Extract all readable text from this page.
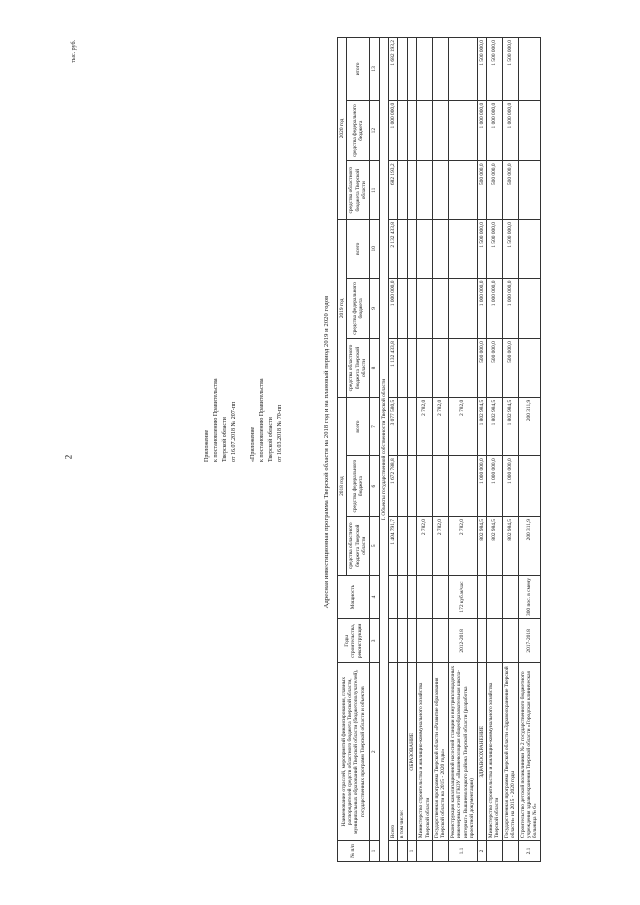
2
тыс. руб.
Приложение к постановлению Правительства Тверской области от 16.07.2018 № 207-пп	«Приложение к постановлению Правительства Тверской области от 16.03.2018 № 70-пп	Адресная инвестиционная программа Тверской области на 2018 год и на плановый период 2019 и 2020 годов
№ п/п	Наименование отраслей, мероприятий финансирования, главных распорядителей средств областного бюджета Тверской области, муниципальных образований Тверской области (бюджетополучателей), государственных программ Тверской области и объектов	Годы строительства, реконструкции	Мощность	2018 год			2019 год			2020 год		
				средства областного бюджета Тверской области	средства федерального бюджета	всего	средства областного бюджета Тверской области	средства федерального бюджета	всего	средства областного бюджета Тверской области	средства федерального бюджета	итого
1	2	3	4	5	6	7	8	9	10	11	12	13
I. Объекты государственной собственности Тверской области												
	Всего			1 404 791,7	1 672 788,8	3 077 580,5	1 132 433,8	1 000 000,0	2 132 433,8	682 193,2	1 000 000,0	1 682 193,2
	в том числе:											
1	ОБРАЗОВАНИЕ											
	Министерство строительства и жилищно-коммунального хозяйства Тверской области			2 782,0		2 782,0						
	Государственная программа Тверской области «Развитие образования Тверской области на 2015 - 2020 годы»			2 782,0		2 782,0						
1.1	Реконструкция канализационной насосной станции и внутриплощадочных инженерных сетей ГКОУ «Вышневолоцкая общеобразовательная школа-интернат» Вышневолоцкого района Тверской области (разработка проектной документации)	2012-2018	172 куб.м/час	2 782,0		2 782,0						
2	ЗДРАВООХРАНЕНИЕ			802 984,5	1 000 000,0	1 802 984,5	500 000,0	1 000 000,0	1 500 000,0	500 000,0	1 000 000,0	1 500 000,0
	Министерство строительства и жилищно-коммунального хозяйства Тверской области			802 984,5	1 000 000,0	1 802 984,5	500 000,0	1 000 000,0	1 500 000,0	500 000,0	1 000 000,0	1 500 000,0
	Государственная программа Тверской области «Здравоохранение Тверской области» на 2015 - 2020 годы			802 984,5	1 000 000,0	1 802 984,5	500 000,0	1 000 000,0	1 500 000,0	500 000,0	1 000 000,0	1 500 000,0
2.1	Строительство детской поликлиники № 2 государственного бюджетного учреждения здравоохранения Тверской области «Городская клиническая больница № 6»	2017-2018	300 пос. в смену	200 311,9		200 311,9						
